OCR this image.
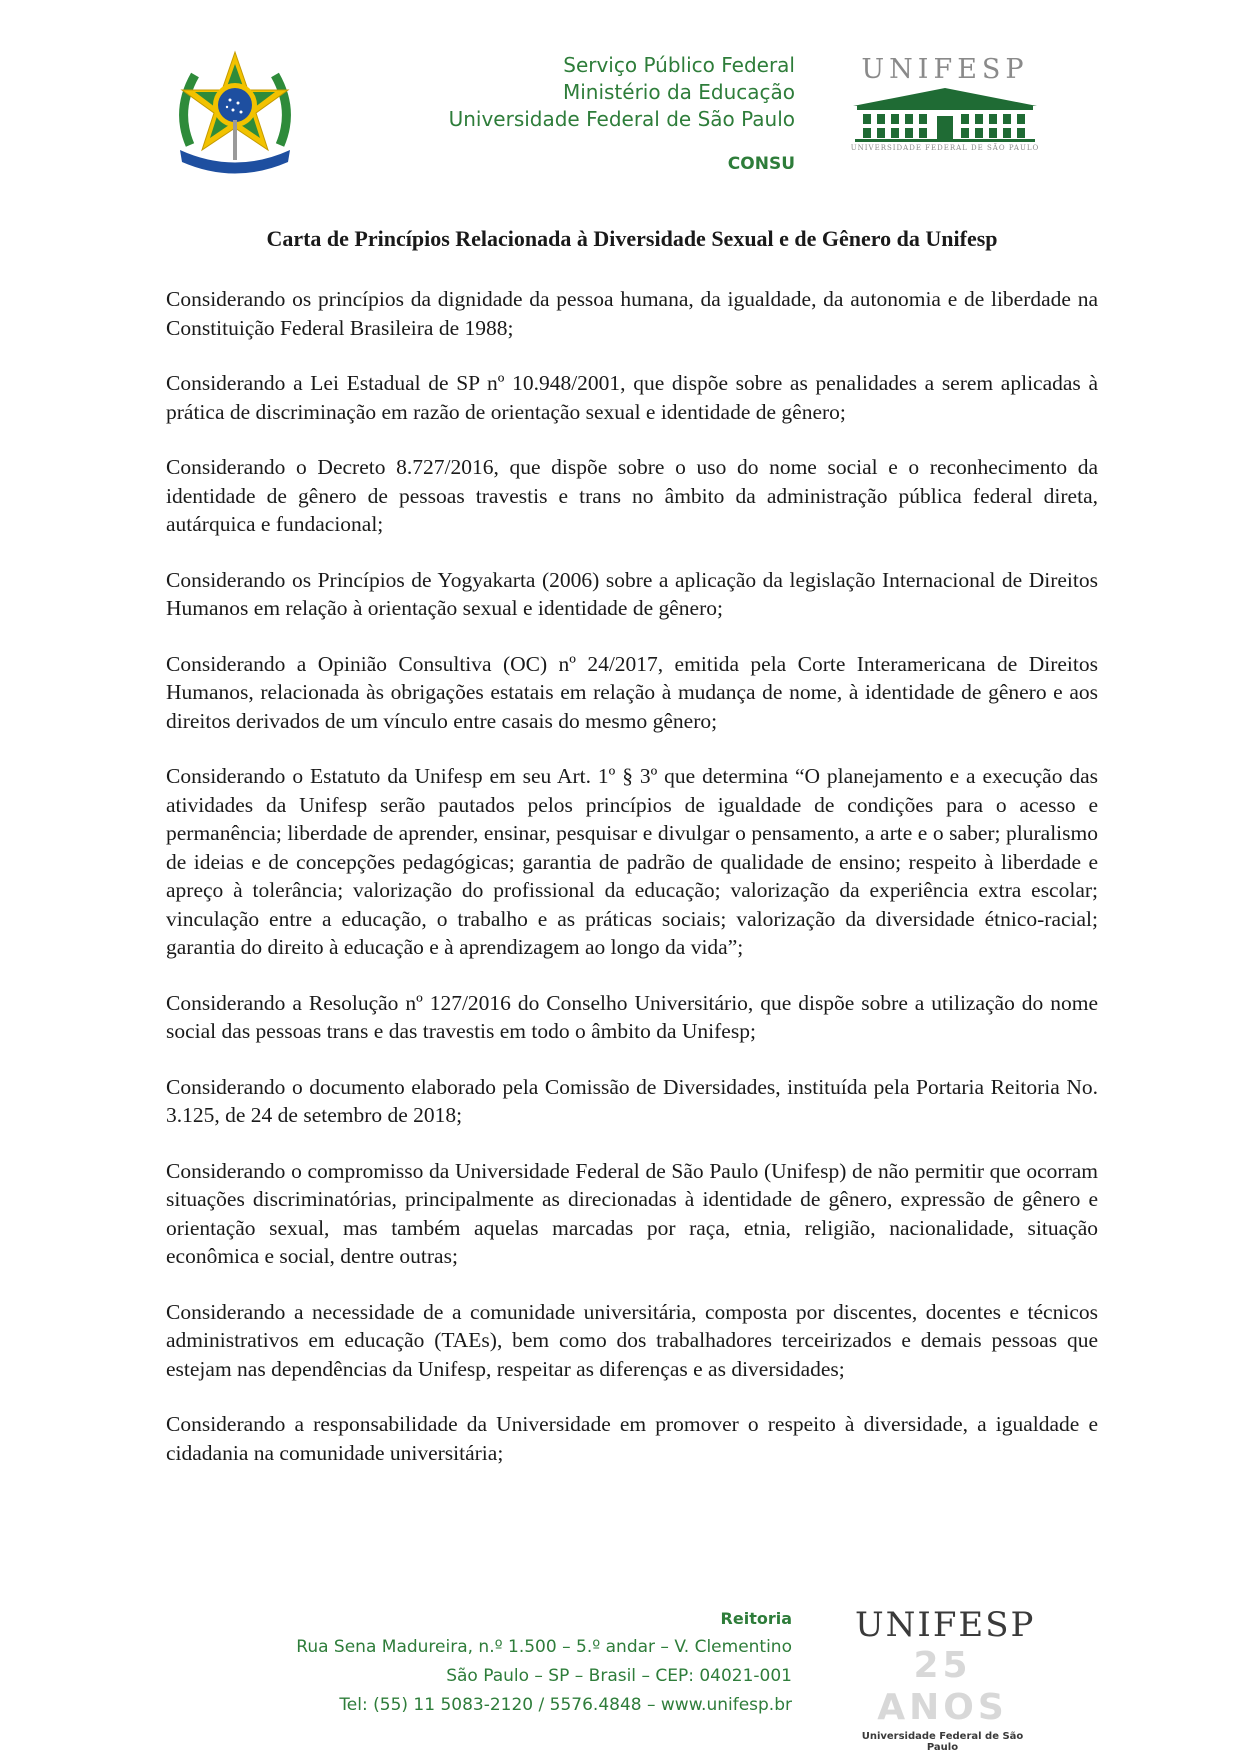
Serviço Público Federal
Ministério da Educação
Universidade Federal de São Paulo
CONSU
UNIFESP
UNIVERSIDADE FEDERAL DE SÃO PAULO
Carta de Princípios Relacionada à Diversidade Sexual e de Gênero da Unifesp

Considerando os princípios da dignidade da pessoa humana, da igualdade, da autonomia e de liberdade na Constituição Federal Brasileira de 1988;

Considerando a Lei Estadual de SP nº 10.948/2001, que dispõe sobre as penalidades a serem aplicadas à prática de discriminação em razão de orientação sexual e identidade de gênero;

Considerando o Decreto 8.727/2016, que dispõe sobre o uso do nome social e o reconhecimento da identidade de gênero de pessoas travestis e trans no âmbito da administração pública federal direta, autárquica e fundacional;

Considerando os Princípios de Yogyakarta (2006) sobre a aplicação da legislação Internacional de Direitos Humanos em relação à orientação sexual e identidade de gênero;

Considerando a Opinião Consultiva (OC) nº 24/2017, emitida pela Corte Interamericana de Direitos Humanos, relacionada às obrigações estatais em relação à mudança de nome, à identidade de gênero e aos direitos derivados de um vínculo entre casais do mesmo gênero;

Considerando o Estatuto da Unifesp em seu Art. 1º § 3º que determina “O planejamento e a execução das atividades da Unifesp serão pautados pelos princípios de igualdade de condições para o acesso e permanência; liberdade de aprender, ensinar, pesquisar e divulgar o pensamento, a arte e o saber; pluralismo de ideias e de concepções pedagógicas; garantia de padrão de qualidade de ensino; respeito à liberdade e apreço à tolerância; valorização do profissional da educação; valorização da experiência extra escolar; vinculação entre a educação, o trabalho e as práticas sociais; valorização da diversidade étnico-racial; garantia do direito à educação e à aprendizagem ao longo da vida”;

Considerando a Resolução nº 127/2016 do Conselho Universitário, que dispõe sobre a utilização do nome social das pessoas trans e das travestis em todo o âmbito da Unifesp;

Considerando o documento elaborado pela Comissão de Diversidades, instituída pela Portaria Reitoria No. 3.125, de 24 de setembro de 2018;

Considerando o compromisso da Universidade Federal de São Paulo (Unifesp) de não permitir que ocorram situações discriminatórias, principalmente as direcionadas à identidade de gênero, expressão de gênero e orientação sexual, mas também aquelas marcadas por raça, etnia, religião, nacionalidade, situação econômica e social, dentre outras;

Considerando a necessidade de a comunidade universitária, composta por discentes, docentes e técnicos administrativos em educação (TAEs), bem como dos trabalhadores terceirizados e demais pessoas que estejam nas dependências da Unifesp, respeitar as diferenças e as diversidades;

Considerando a responsabilidade da Universidade em promover o respeito à diversidade, a igualdade e cidadania na comunidade universitária;

Reitoria
Rua Sena Madureira, n.º 1.500 – 5.º andar – V. Clementino
São Paulo – SP – Brasil – CEP: 04021-001
Tel: (55) 11 5083-2120 / 5576.4848 – www.unifesp.br
UNIFESP
25 ANOS
Universidade Federal de São Paulo
